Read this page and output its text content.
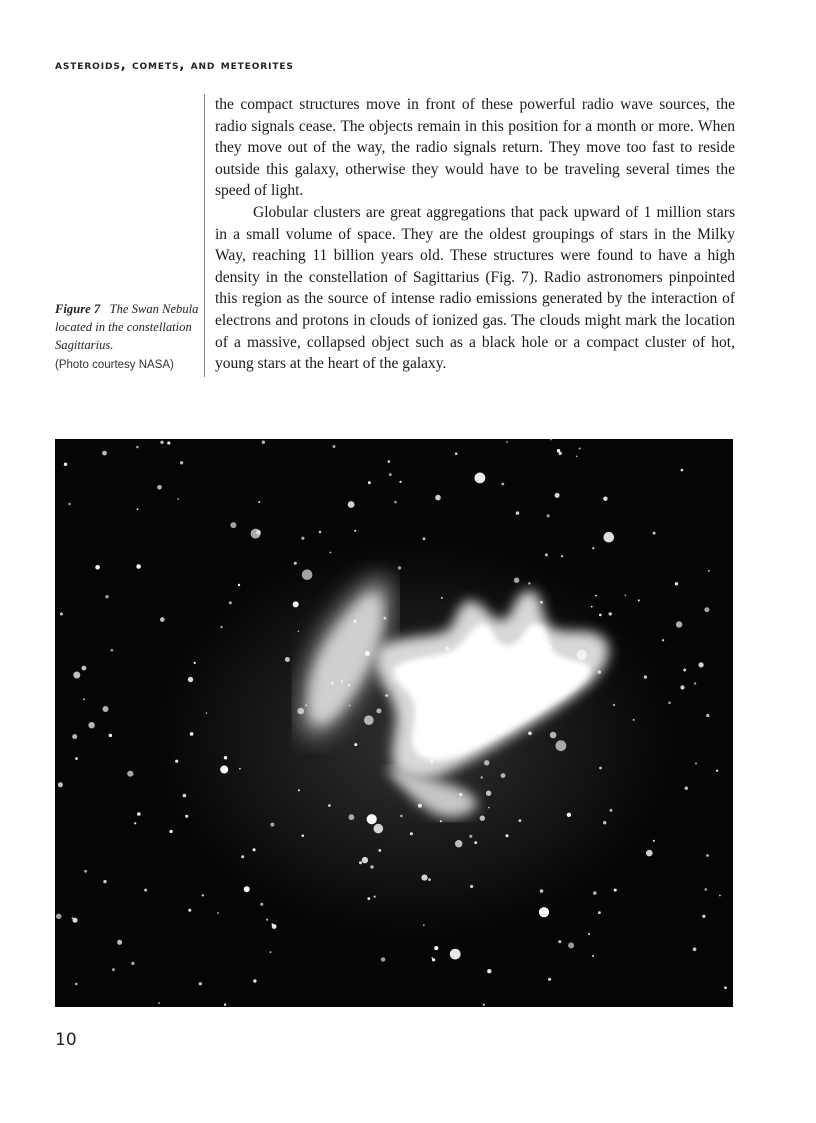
asteroids, comets, and meteorites

the compact structures move in front of these powerful radio wave sources, the radio signals cease. The objects remain in this position for a month or more. When they move out of the way, the radio signals return. They move too fast to reside outside this galaxy, otherwise they would have to be traveling several times the speed of light.

Globular clusters are great aggregations that pack upward of 1 million stars in a small volume of space. They are the oldest groupings of stars in the Milky Way, reaching 11 billion years old. These structures were found to have a high density in the constellation of Sagittarius (Fig. 7). Radio astronomers pinpointed this region as the source of intense radio emissions generated by the interaction of electrons and protons in clouds of ionized gas. The clouds might mark the location of a massive, collapsed object such as a black hole or a compact cluster of hot, young stars at the heart of the galaxy.

Figure 7 The Swan Nebula located in the constellation Sagittarius.
(Photo courtesy NASA)
10
